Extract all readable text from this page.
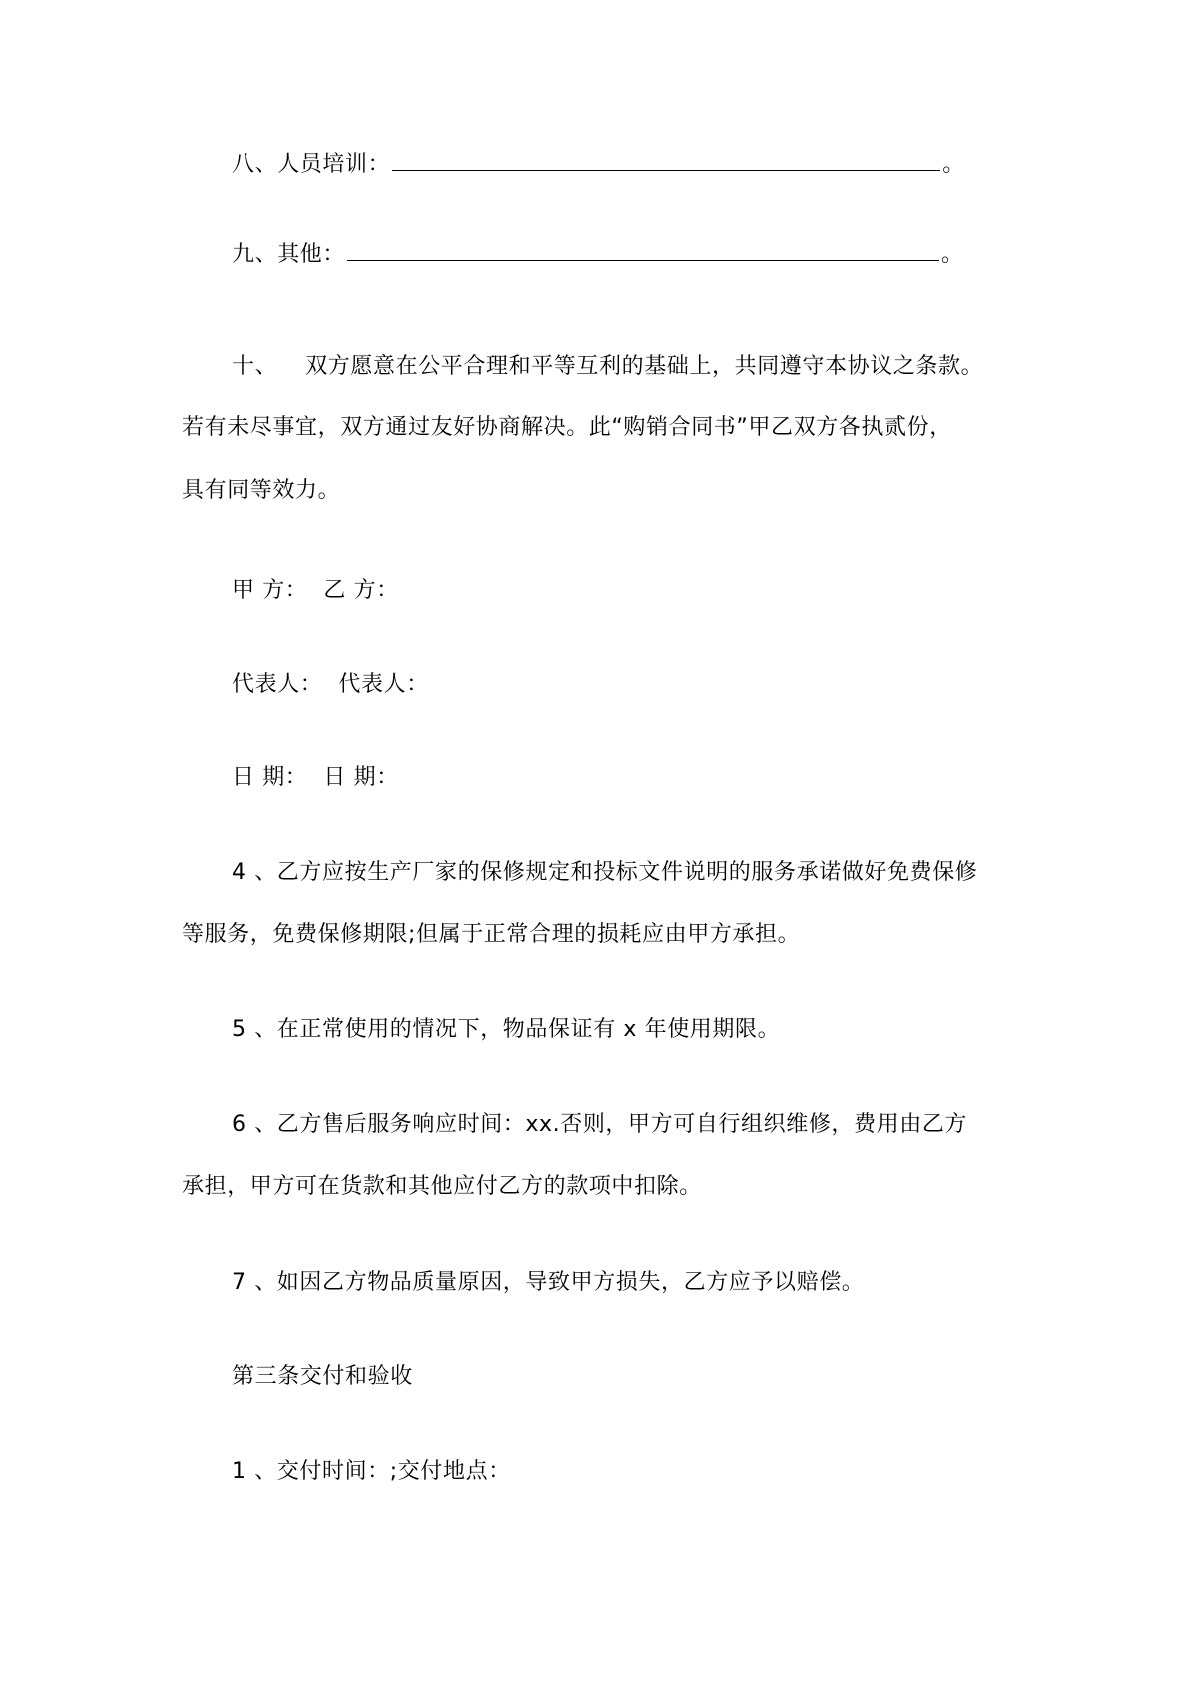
八、人员培训：	。
九、其他：	。
十、 双方愿意在公平合理和平等互利的基础上，共同遵守本协议之条款。
若有未尽事宜，双方通过友好协商解决。此“购销合同书”甲乙双方各执贰份，
具有同等效力。
甲 方： 乙 方：
代表人： 代表人：
日 期： 日 期：
4 、乙方应按生产厂家的保修规定和投标文件说明的服务承诺做好免费保修
等服务，免费保修期限;但属于正常合理的损耗应由甲方承担。
5 、在正常使用的情况下，物品保证有 x 年使用期限。
6 、乙方售后服务响应时间：xx.否则，甲方可自行组织维修，费用由乙方
承担，甲方可在货款和其他应付乙方的款项中扣除。
7 、如因乙方物品质量原因，导致甲方损失，乙方应予以赔偿。
第三条交付和验收
1 、交付时间：;交付地点：
